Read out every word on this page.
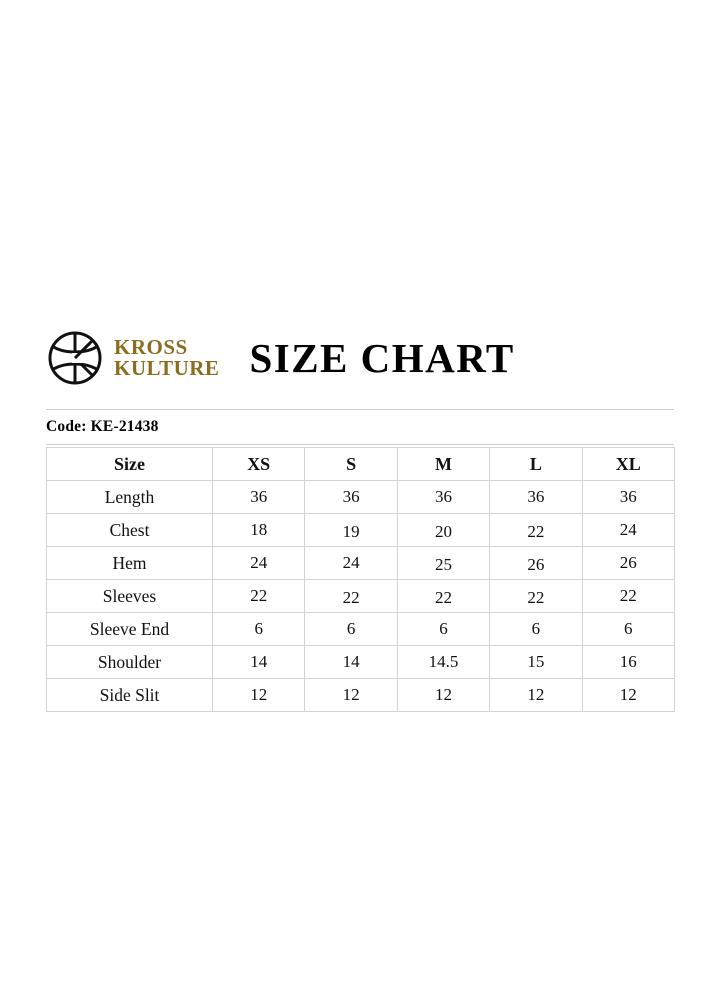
KROSS
KULTURE SIZE CHART
Code: KE-21438
Size	XS	S	M	L	XL
Length	36	36	36	36	36
Chest	18	19	20	22	24
Hem	24	24	25	26	26
Sleeves	22	22	22	22	22
Sleeve End	6	6	6	6	6
Shoulder	14	14	14.5	15	16
Side Slit	12	12	12	12	12
